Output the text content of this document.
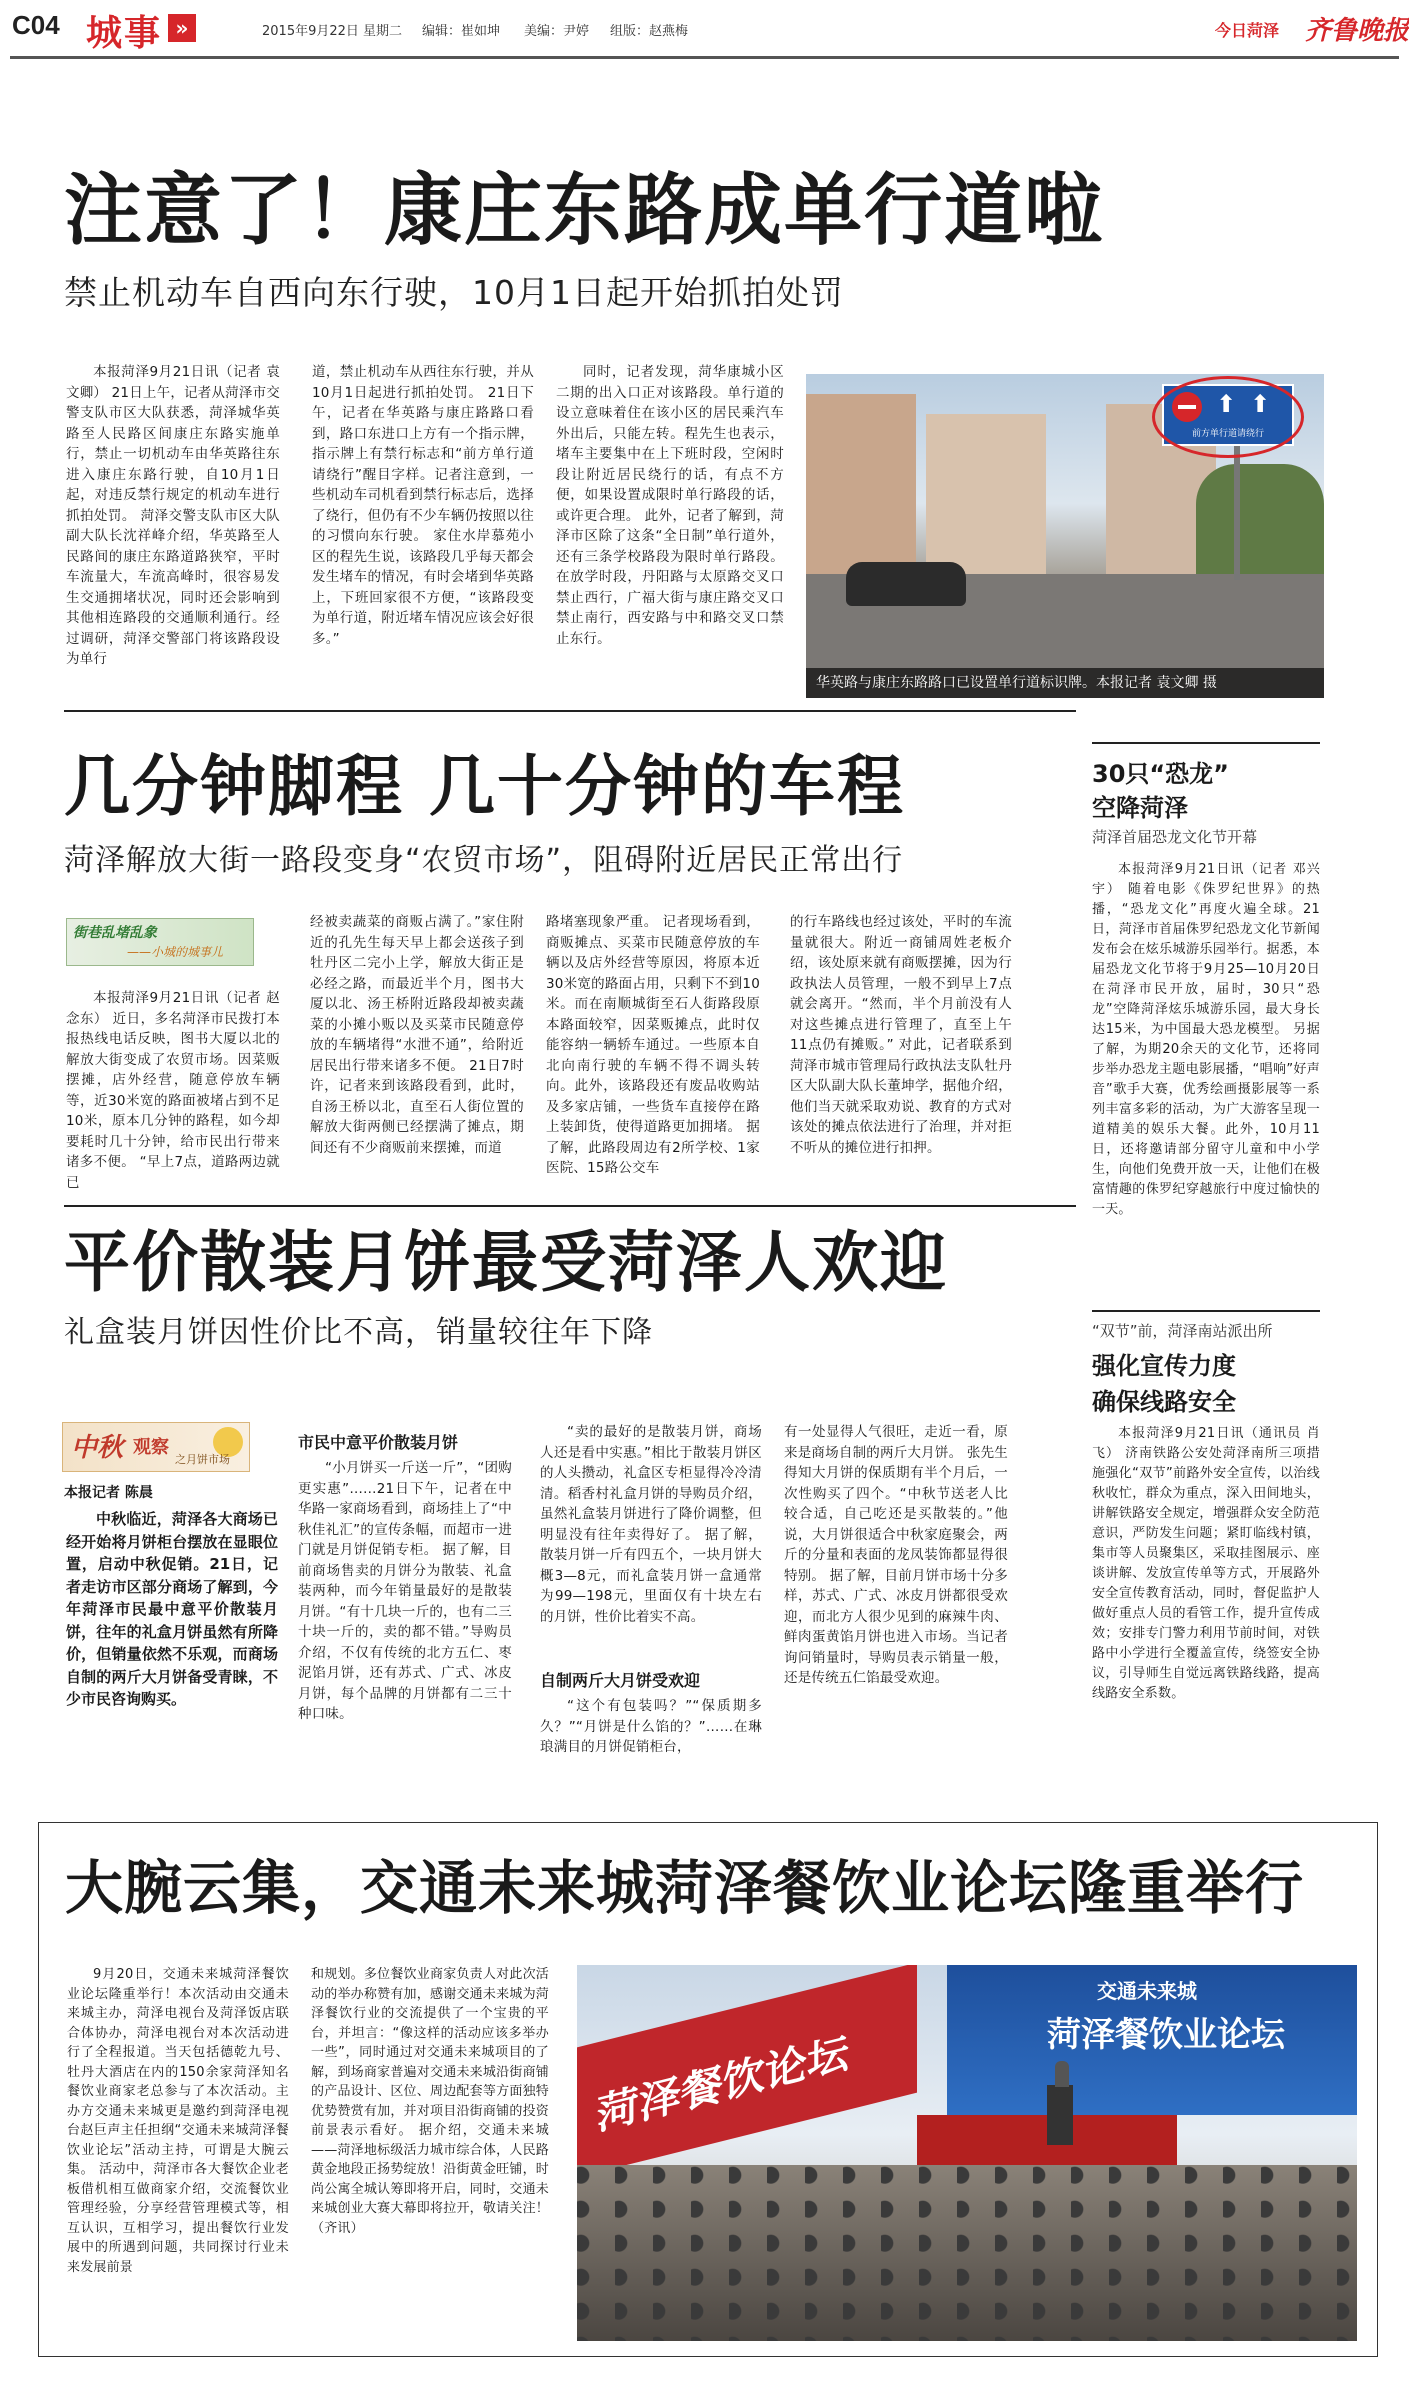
C04 城事 »	2015年9月22日 星期二 编辑：崔如坤 美编：尹婷 组版：赵燕梅	今日菏泽 齐鲁晚报
注意了！康庄东路成单行道啦
禁止机动车自西向东行驶，10月1日起开始抓拍处罚
本报菏泽9月21日讯（记者 袁文卿） 21日上午，记者从菏泽市交警支队市区大队获悉，菏泽城华英路至人民路区间康庄东路实施单行，禁止一切机动车由华英路往东进入康庄东路行驶，自10月1日起，对违反禁行规定的机动车进行抓拍处罚。 菏泽交警支队市区大队副大队长沈祥峰介绍，华英路至人民路间的康庄东路道路狭窄，平时车流量大，车流高峰时，很容易发生交通拥堵状况，同时还会影响到其他相连路段的交通顺利通行。经过调研，菏泽交警部门将该路段设为单行
道，禁止机动车从西往东行驶，并从10月1日起进行抓拍处罚。 21日下午，记者在华英路与康庄路路口看到，路口东进口上方有一个指示牌，指示牌上有禁行标志和“前方单行道请绕行”醒目字样。记者注意到，一些机动车司机看到禁行标志后，选择了绕行，但仍有不少车辆仍按照以往的习惯向东行驶。 家住水岸慕苑小区的程先生说，该路段几乎每天都会发生堵车的情况，有时会堵到华英路上，下班回家很不方便，“该路段变为单行道，附近堵车情况应该会好很多。”
同时，记者发现，菏华康城小区二期的出入口正对该路段。单行道的设立意味着住在该小区的居民乘汽车外出后，只能左转。程先生也表示，堵车主要集中在上下班时段，空闲时段让附近居民绕行的话，有点不方便，如果设置成限时单行路段的话，或许更合理。 此外，记者了解到，菏泽市区除了这条“全日制”单行道外，还有三条学校路段为限时单行路段。在放学时段，丹阳路与太原路交叉口禁止西行，广福大街与康庄路交叉口禁止南行，西安路与中和路交叉口禁止东行。
⬆ ⬆
前方单行道请绕行
华英路与康庄东路路口已设置单行道标识牌。本报记者 袁文卿 摄
几分钟脚程 几十分钟的车程
菏泽解放大街一路段变身“农贸市场”，阻碍附近居民正常出行
街巷乱堵乱象
——小城的城事儿
本报菏泽9月21日讯（记者 赵念东） 近日，多名菏泽市民拨打本报热线电话反映，图书大厦以北的解放大街变成了农贸市场。因菜贩摆摊，店外经营，随意停放车辆等，近30米宽的路面被堵占到不足10米，原本几分钟的路程，如今却要耗时几十分钟，给市民出行带来诸多不便。 “早上7点，道路两边就已
经被卖蔬菜的商贩占满了。”家住附近的孔先生每天早上都会送孩子到牡丹区二完小上学，解放大街正是必经之路，而最近半个月，图书大厦以北、汤王桥附近路段却被卖蔬菜的小摊小贩以及买菜市民随意停放的车辆堵得“水泄不通”，给附近居民出行带来诸多不便。 21日7时许，记者来到该路段看到，此时，自汤王桥以北，直至石人街位置的解放大街两侧已经摆满了摊点，期间还有不少商贩前来摆摊，而道
路堵塞现象严重。 记者现场看到，商贩摊点、买菜市民随意停放的车辆以及店外经营等原因，将原本近30米宽的路面占用，只剩下不到10米。而在南顺城街至石人街路段原本路面较窄，因菜贩摊点，此时仅能容纳一辆轿车通过。一些原本自北向南行驶的车辆不得不调头转向。此外，该路段还有废品收购站及多家店铺，一些货车直接停在路上装卸货，使得道路更加拥堵。 据了解，此路段周边有2所学校、1家医院、15路公交车
的行车路线也经过该处，平时的车流量就很大。附近一商铺周姓老板介绍，该处原来就有商贩摆摊，因为行政执法人员管理，一般不到早上7点就会离开。“然而，半个月前没有人对这些摊点进行管理了，直至上午11点仍有摊贩。” 对此，记者联系到菏泽市城市管理局行政执法支队牡丹区大队副大队长董坤学，据他介绍，他们当天就采取劝说、教育的方式对该处的摊点依法进行了治理，并对拒不听从的摊位进行扣押。
30只“恐龙”
空降菏泽
菏泽首届恐龙文化节开幕
本报菏泽9月21日讯（记者 邓兴宇） 随着电影《侏罗纪世界》的热播，“恐龙文化”再度火遍全球。21日，菏泽市首届侏罗纪恐龙文化节新闻发布会在炫乐城游乐园举行。据悉，本届恐龙文化节将于9月25—10月20日在菏泽市民开放，届时，30只“恐龙”空降菏泽炫乐城游乐园，最大身长达15米，为中国最大恐龙模型。 另据了解，为期20余天的文化节，还将同步举办恐龙主题电影展播，“唱响”好声音”歌手大赛，优秀绘画摄影展等一系列丰富多彩的活动，为广大游客呈现一道精美的娱乐大餐。此外，10月11日，还将邀请部分留守儿童和中小学生，向他们免费开放一天，让他们在极富情趣的侏罗纪穿越旅行中度过愉快的一天。
平价散装月饼最受菏泽人欢迎
礼盒装月饼因性价比不高，销量较往年下降
中秋 观察
之月饼市场
本报记者 陈晨
中秋临近，菏泽各大商场已经开始将月饼柜台摆放在显眼位置，启动中秋促销。21日，记者走访市区部分商场了解到，今年菏泽市民最中意平价散装月饼，往年的礼盒月饼虽然有所降价，但销量依然不乐观，而商场自制的两斤大月饼备受青睐，不少市民咨询购买。
市民中意平价散装月饼
“小月饼买一斤送一斤”，“团购更实惠”……21日下午，记者在中华路一家商场看到，商场挂上了“中秋佳礼汇”的宣传条幅，而超市一进门就是月饼促销专柜。 据了解，目前商场售卖的月饼分为散装、礼盒装两种，而今年销量最好的是散装月饼。“有十几块一斤的，也有二三十块一斤的，卖的都不错。”导购员介绍，不仅有传统的北方五仁、枣泥馅月饼，还有苏式、广式、冰皮月饼，每个品牌的月饼都有二三十种口味。
“卖的最好的是散装月饼，商场人还是看中实惠。”相比于散装月饼区的人头攒动，礼盒区专柜显得冷冷清清。稻香村礼盒月饼的导购员介绍，虽然礼盒装月饼进行了降价调整，但明显没有往年卖得好了。 据了解，散装月饼一斤有四五个，一块月饼大概3—8元，而礼盒装月饼一盒通常为99—198元，里面仅有十块左右的月饼，性价比着实不高。
自制两斤大月饼受欢迎
“这个有包装吗？”“保质期多久？”“月饼是什么馅的？”……在琳琅满目的月饼促销柜台，
有一处显得人气很旺，走近一看，原来是商场自制的两斤大月饼。 张先生得知大月饼的保质期有半个月后，一次性购买了四个。“中秋节送老人比较合适，自己吃还是买散装的。”他说，大月饼很适合中秋家庭聚会，两斤的分量和表面的龙凤装饰都显得很特别。 据了解，目前月饼市场十分多样，苏式、广式、冰皮月饼都很受欢迎，而北方人很少见到的麻辣牛肉、鲜肉蛋黄馅月饼也进入市场。当记者询问销量时，导购员表示销量一般，还是传统五仁馅最受欢迎。
“双节”前，菏泽南站派出所
强化宣传力度
确保线路安全
本报菏泽9月21日讯（通讯员 肖飞） 济南铁路公安处菏泽南所三项措施强化“双节”前路外安全宣传，以治线秋收忙，群众为重点，深入田间地头，讲解铁路安全规定，增强群众安全防范意识，严防发生问题；紧盯临线村镇，集市等人员聚集区，采取挂图展示、座谈讲解、发放宣传单等方式，开展路外安全宣传教育活动，同时，督促监护人做好重点人员的看管工作，提升宣传成效；安排专门警力利用节前时间，对铁路中小学进行全覆盖宣传，绕签安全协议，引导师生自觉远离铁路线路，提高线路安全系数。
大腕云集，交通未来城菏泽餐饮业论坛隆重举行
9月20日，交通未来城菏泽餐饮业论坛隆重举行！本次活动由交通未来城主办，菏泽电视台及菏泽饭店联合体协办，菏泽电视台对本次活动进行了全程报道。当天包括德乾九号、牡丹大酒店在内的150余家菏泽知名餐饮业商家老总参与了本次活动。主办方交通未来城更是邀约到菏泽电视台赵巨声主任担纲“交通未来城菏泽餐饮业论坛”活动主持，可谓是大腕云集。 活动中，菏泽市各大餐饮企业老板借机相互做商家介绍，交流餐饮业管理经验，分享经营管理模式等，相互认识，互相学习，提出餐饮行业发展中的所遇到问题，共同探讨行业未来发展前景
和规划。多位餐饮业商家负责人对此次活动的举办称赞有加，感谢交通未来城为菏泽餐饮行业的交流提供了一个宝贵的平台，并坦言：“像这样的活动应该多举办一些”，同时通过对交通未来城项目的了解，到场商家普遍对交通未来城沿街商铺的产品设计、区位、周边配套等方面独特优势赞赏有加，并对项目沿街商铺的投资前景表示看好。 据介绍，交通未来城——菏泽地标级活力城市综合体，人民路黄金地段正扬势绽放！沿街黄金旺铺，时尚公寓全城认筹即将开启，同时，交通未来城创业大赛大幕即将拉开，敬请关注！ （齐讯）
交通未来城
菏泽餐饮业论坛
菏泽餐饮论坛
